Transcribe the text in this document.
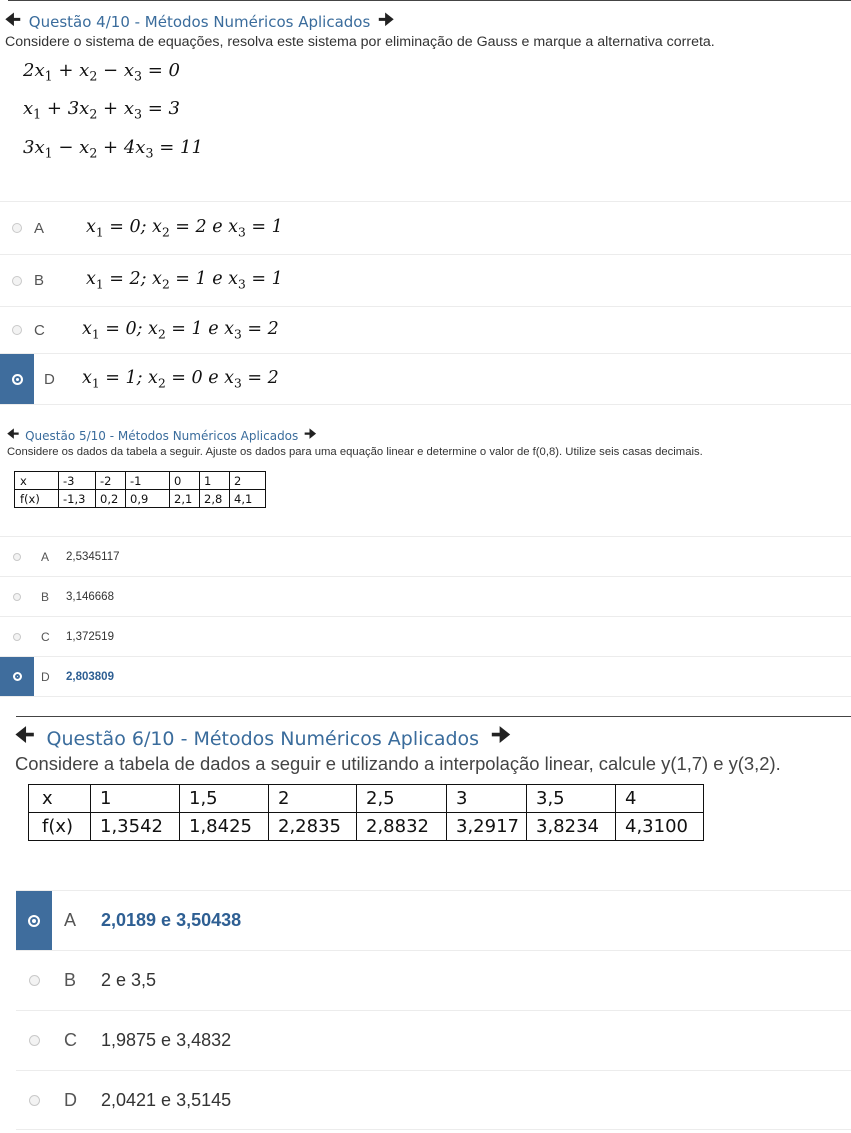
🠈 Questão 4/10 - Métodos Numéricos Aplicados 🠊
Considere o sistema de equações, resolva este sistema por eliminação de Gauss e marque a alternativa correta.
$2x_1 + x_2 - x_3 = 0$
$x_1 + 3x_2 + x_3 = 3$
$3x_1 - x_2 + 4x_3 = 11$
A	$x_1 = 0$; $x_2 = 2$ e $x_3 = 1$
B	$x_1 = 2$; $x_2 = 1$ e $x_3 = 1$
C	$x_1 = 0$; $x_2 = 1$ e $x_3 = 2$
D	$x_1 = 1$; $x_2 = 0$ e $x_3 = 2$
🠈 Questão 5/10 - Métodos Numéricos Aplicados 🠊
Considere os dados da tabela a seguir. Ajuste os dados para uma equação linear e determine o valor de f(0,8). Utilize seis casas decimais.
x	-3	-2	-1	0	1	2
f(x)	-1,3	0,2	0,9	2,1	2,8	4,1
A	2,5345117
B	3,146668
C 1,372519
D 2,803809
🠈 Questão 6/10 - Métodos Numéricos Aplicados 🠊
Considere a tabela de dados a seguir e utilizando a interpolação linear, calcule y(1,7) e y(3,2).
x	1	1,5	2	2,5	3	3,5	4
f(x)	1,3542	1,8425	2,2835	2,8832	3,2917	3,8234	4,3100
A	2,0189 e 3,50438
B	2 e 3,5
C	1,9875 e 3,4832
D	2,0421 e 3,5145
